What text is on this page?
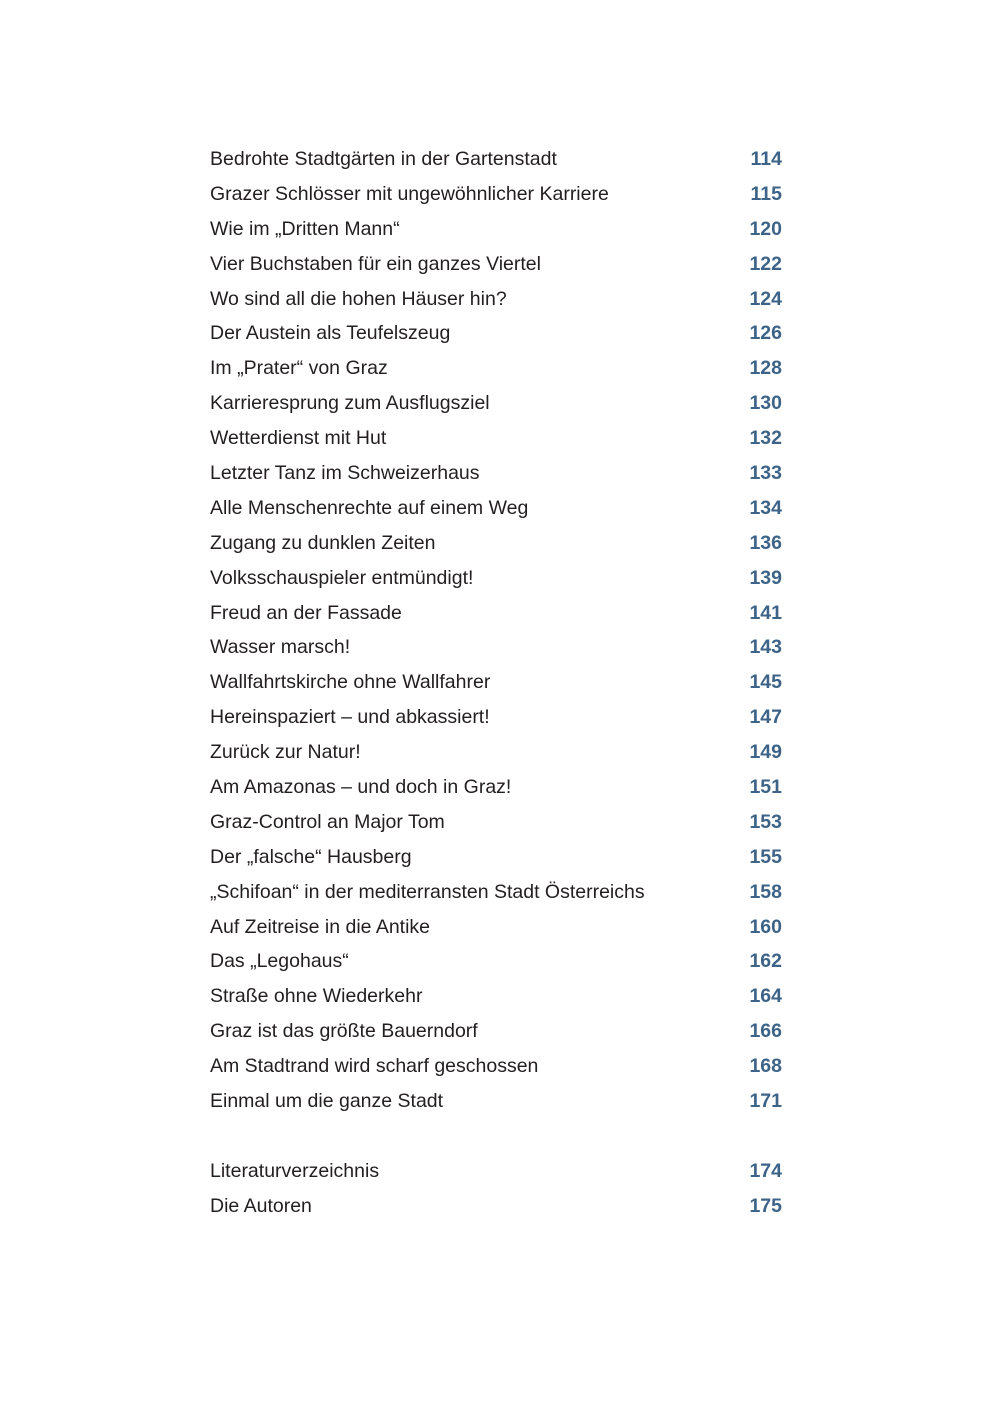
Bedrohte Stadtgärten in der Gartenstadt	114
Grazer Schlösser mit ungewöhnlicher Karriere	115
Wie im „Dritten Mann“	120
Vier Buchstaben für ein ganzes Viertel	122
Wo sind all die hohen Häuser hin?	124
Der Austein als Teufelszeug	126
Im „Prater“ von Graz	128
Karrieresprung zum Ausflugsziel	130
Wetterdienst mit Hut	132
Letzter Tanz im Schweizerhaus	133
Alle Menschenrechte auf einem Weg	134
Zugang zu dunklen Zeiten	136
Volksschauspieler entmündigt!	139
Freud an der Fassade	141
Wasser marsch!	143
Wallfahrtskirche ohne Wallfahrer	145
Hereinspaziert – und abkassiert!	147
Zurück zur Natur!	149
Am Amazonas – und doch in Graz!	151
Graz-Control an Major Tom	153
Der „falsche“ Hausberg	155
„Schifoan“ in der mediterransten Stadt Österreichs	158
Auf Zeitreise in die Antike	160
Das „Legohaus“	162
Straße ohne Wiederkehr	164
Graz ist das größte Bauerndorf	166
Am Stadtrand wird scharf geschossen	168
Einmal um die ganze Stadt	171
Literaturverzeichnis	174
Die Autoren	175
